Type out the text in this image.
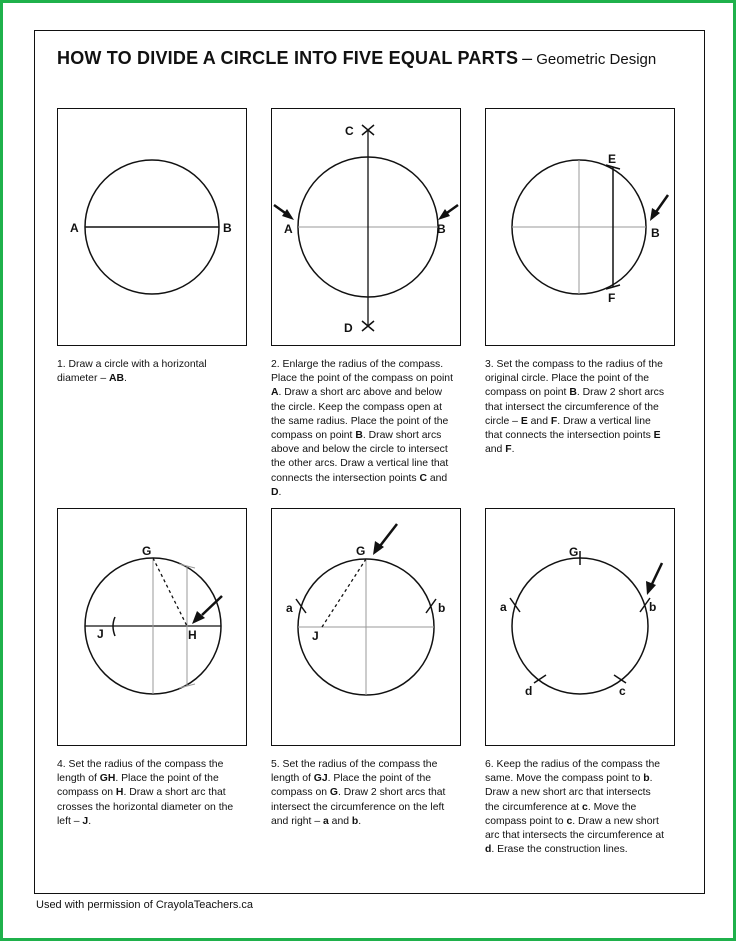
HOW TO DIVIDE A CIRCLE INTO FIVE EQUAL PARTS – Geometric Design
A	B
C
D
A	B
E
F
B
G
H
J
G
J
a	b
G
a	b
d	c
1. Draw a circle with a horizontal diameter – AB.
2. Enlarge the radius of the compass. Place the point of the compass on point A. Draw a short arc above and below the circle. Keep the compass open at the same radius. Place the point of the compass on point B. Draw short arcs above and below the circle to intersect the other arcs. Draw a vertical line that connects the intersection points C and D.
3. Set the compass to the radius of the original circle. Place the point of the compass on point B. Draw 2 short arcs that intersect the circumference of the circle – E and F. Draw a vertical line that connects the intersection points E and F.
4. Set the radius of the compass the length of GH. Place the point of the compass on H. Draw a short arc that crosses the horizontal diameter on the left – J.
5. Set the radius of the compass the length of GJ. Place the point of the compass on G. Draw 2 short arcs that intersect the circumference on the left and right – a and b.
6. Keep the radius of the compass the same. Move the compass point to b. Draw a new short arc that intersects the circumference at c. Move the compass point to c. Draw a new short arc that intersects the circumference at d. Erase the construction lines.
Used with permission of CrayolaTeachers.ca
